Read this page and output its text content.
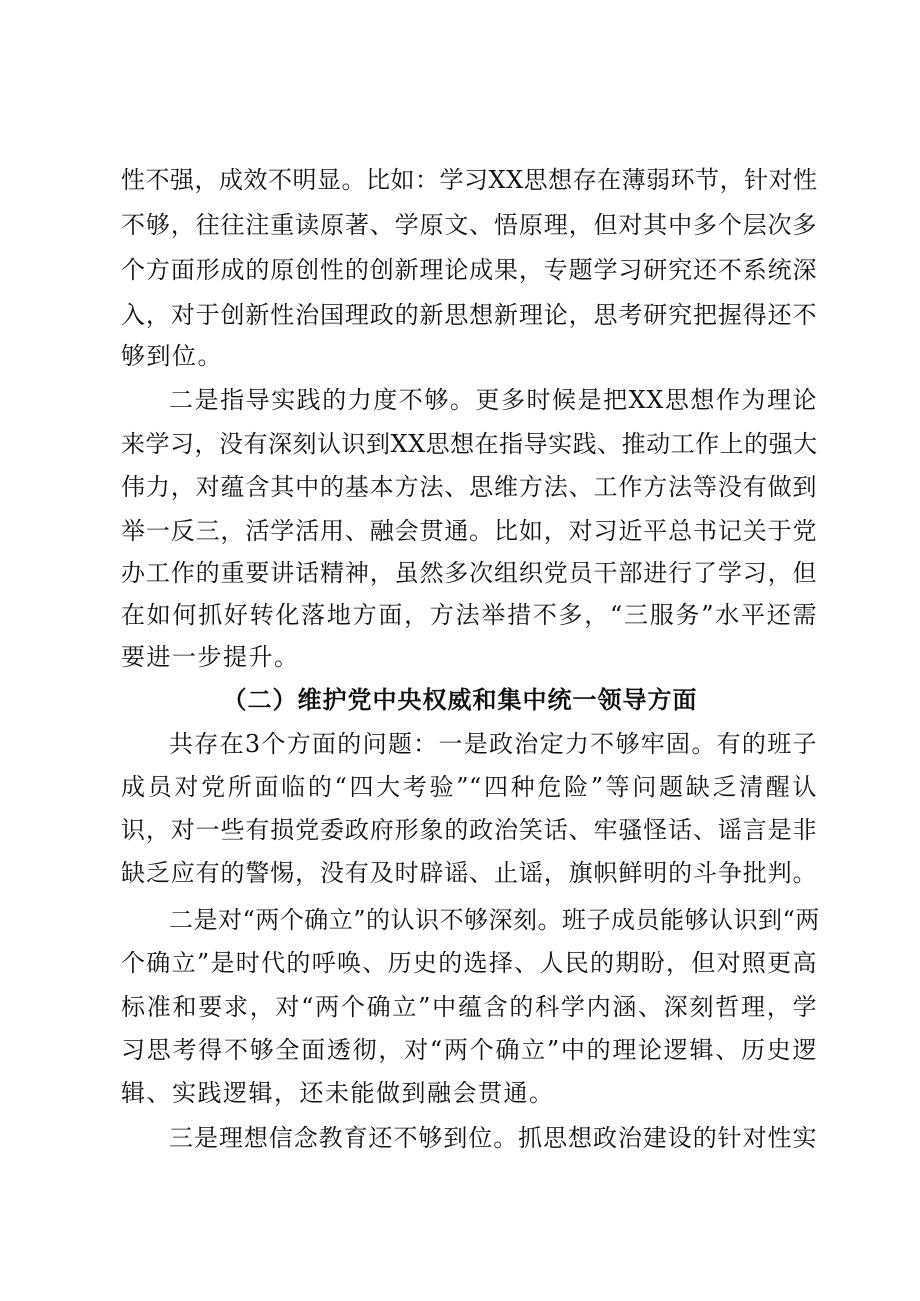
性不强，成效不明显。比如：学习XX思想存在薄弱环节，针对性
不够，往往注重读原著、学原文、悟原理，但对其中多个层次多
个方面形成的原创性的创新理论成果，专题学习研究还不系统深
入，对于创新性治国理政的新思想新理论，思考研究把握得还不
够到位。
二是指导实践的力度不够。更多时候是把XX思想作为理论
来学习，没有深刻认识到XX思想在指导实践、推动工作上的强大
伟力，对蕴含其中的基本方法、思维方法、工作方法等没有做到
举一反三，活学活用、融会贯通。比如，对习近平总书记关于党
办工作的重要讲话精神，虽然多次组织党员干部进行了学习，但
在如何抓好转化落地方面，方法举措不多，“三服务”水平还需
要进一步提升。
（二）维护党中央权威和集中统一领导方面
共存在3个方面的问题：一是政治定力不够牢固。有的班子
成员对党所面临的“四大考验”“四种危险”等问题缺乏清醒认
识，对一些有损党委政府形象的政治笑话、牢骚怪话、谣言是非
缺乏应有的警惕，没有及时辟谣、止谣，旗帜鲜明的斗争批判。
二是对“两个确立”的认识不够深刻。班子成员能够认识到“两
个确立”是时代的呼唤、历史的选择、人民的期盼，但对照更高
标准和要求，对“两个确立”中蕴含的科学内涵、深刻哲理，学
习思考得不够全面透彻，对“两个确立”中的理论逻辑、历史逻
辑、实践逻辑，还未能做到融会贯通。
三是理想信念教育还不够到位。抓思想政治建设的针对性实
